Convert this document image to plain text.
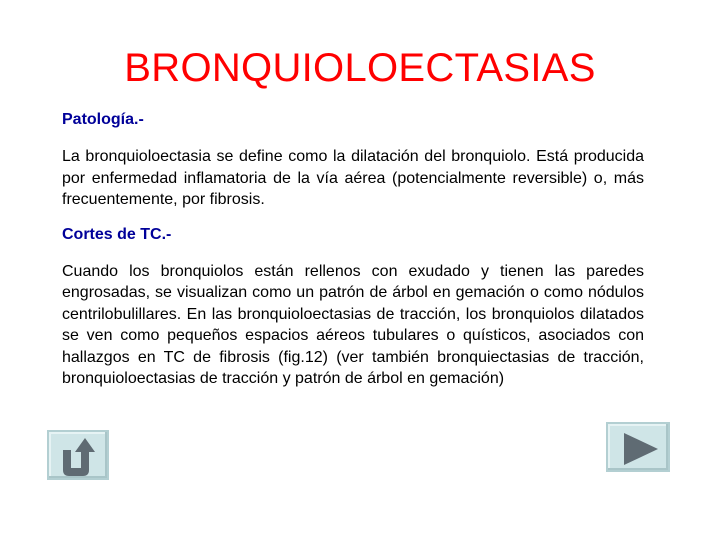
BRONQUIOLOECTASIAS

Patología.-

La bronquioloectasia se define como la dilatación del bronquiolo. Está producida por enfermedad inflamatoria de la vía aérea (potencialmente reversible) o, más frecuentemente, por fibrosis.

Cortes de TC.-

Cuando los bronquiolos están rellenos con exudado y tienen las paredes engrosadas, se visualizan como un patrón de árbol en gemación o como nódulos centrilobulillares. En las bronquioloectasias de tracción, los bronquiolos dilatados se ven como pequeños espacios aéreos tubulares o quísticos, asociados con hallazgos en TC de fibrosis (fig.12) (ver también bronquiectasias de tracción, bronquioloectasias de tracción y patrón de árbol en gemación)
